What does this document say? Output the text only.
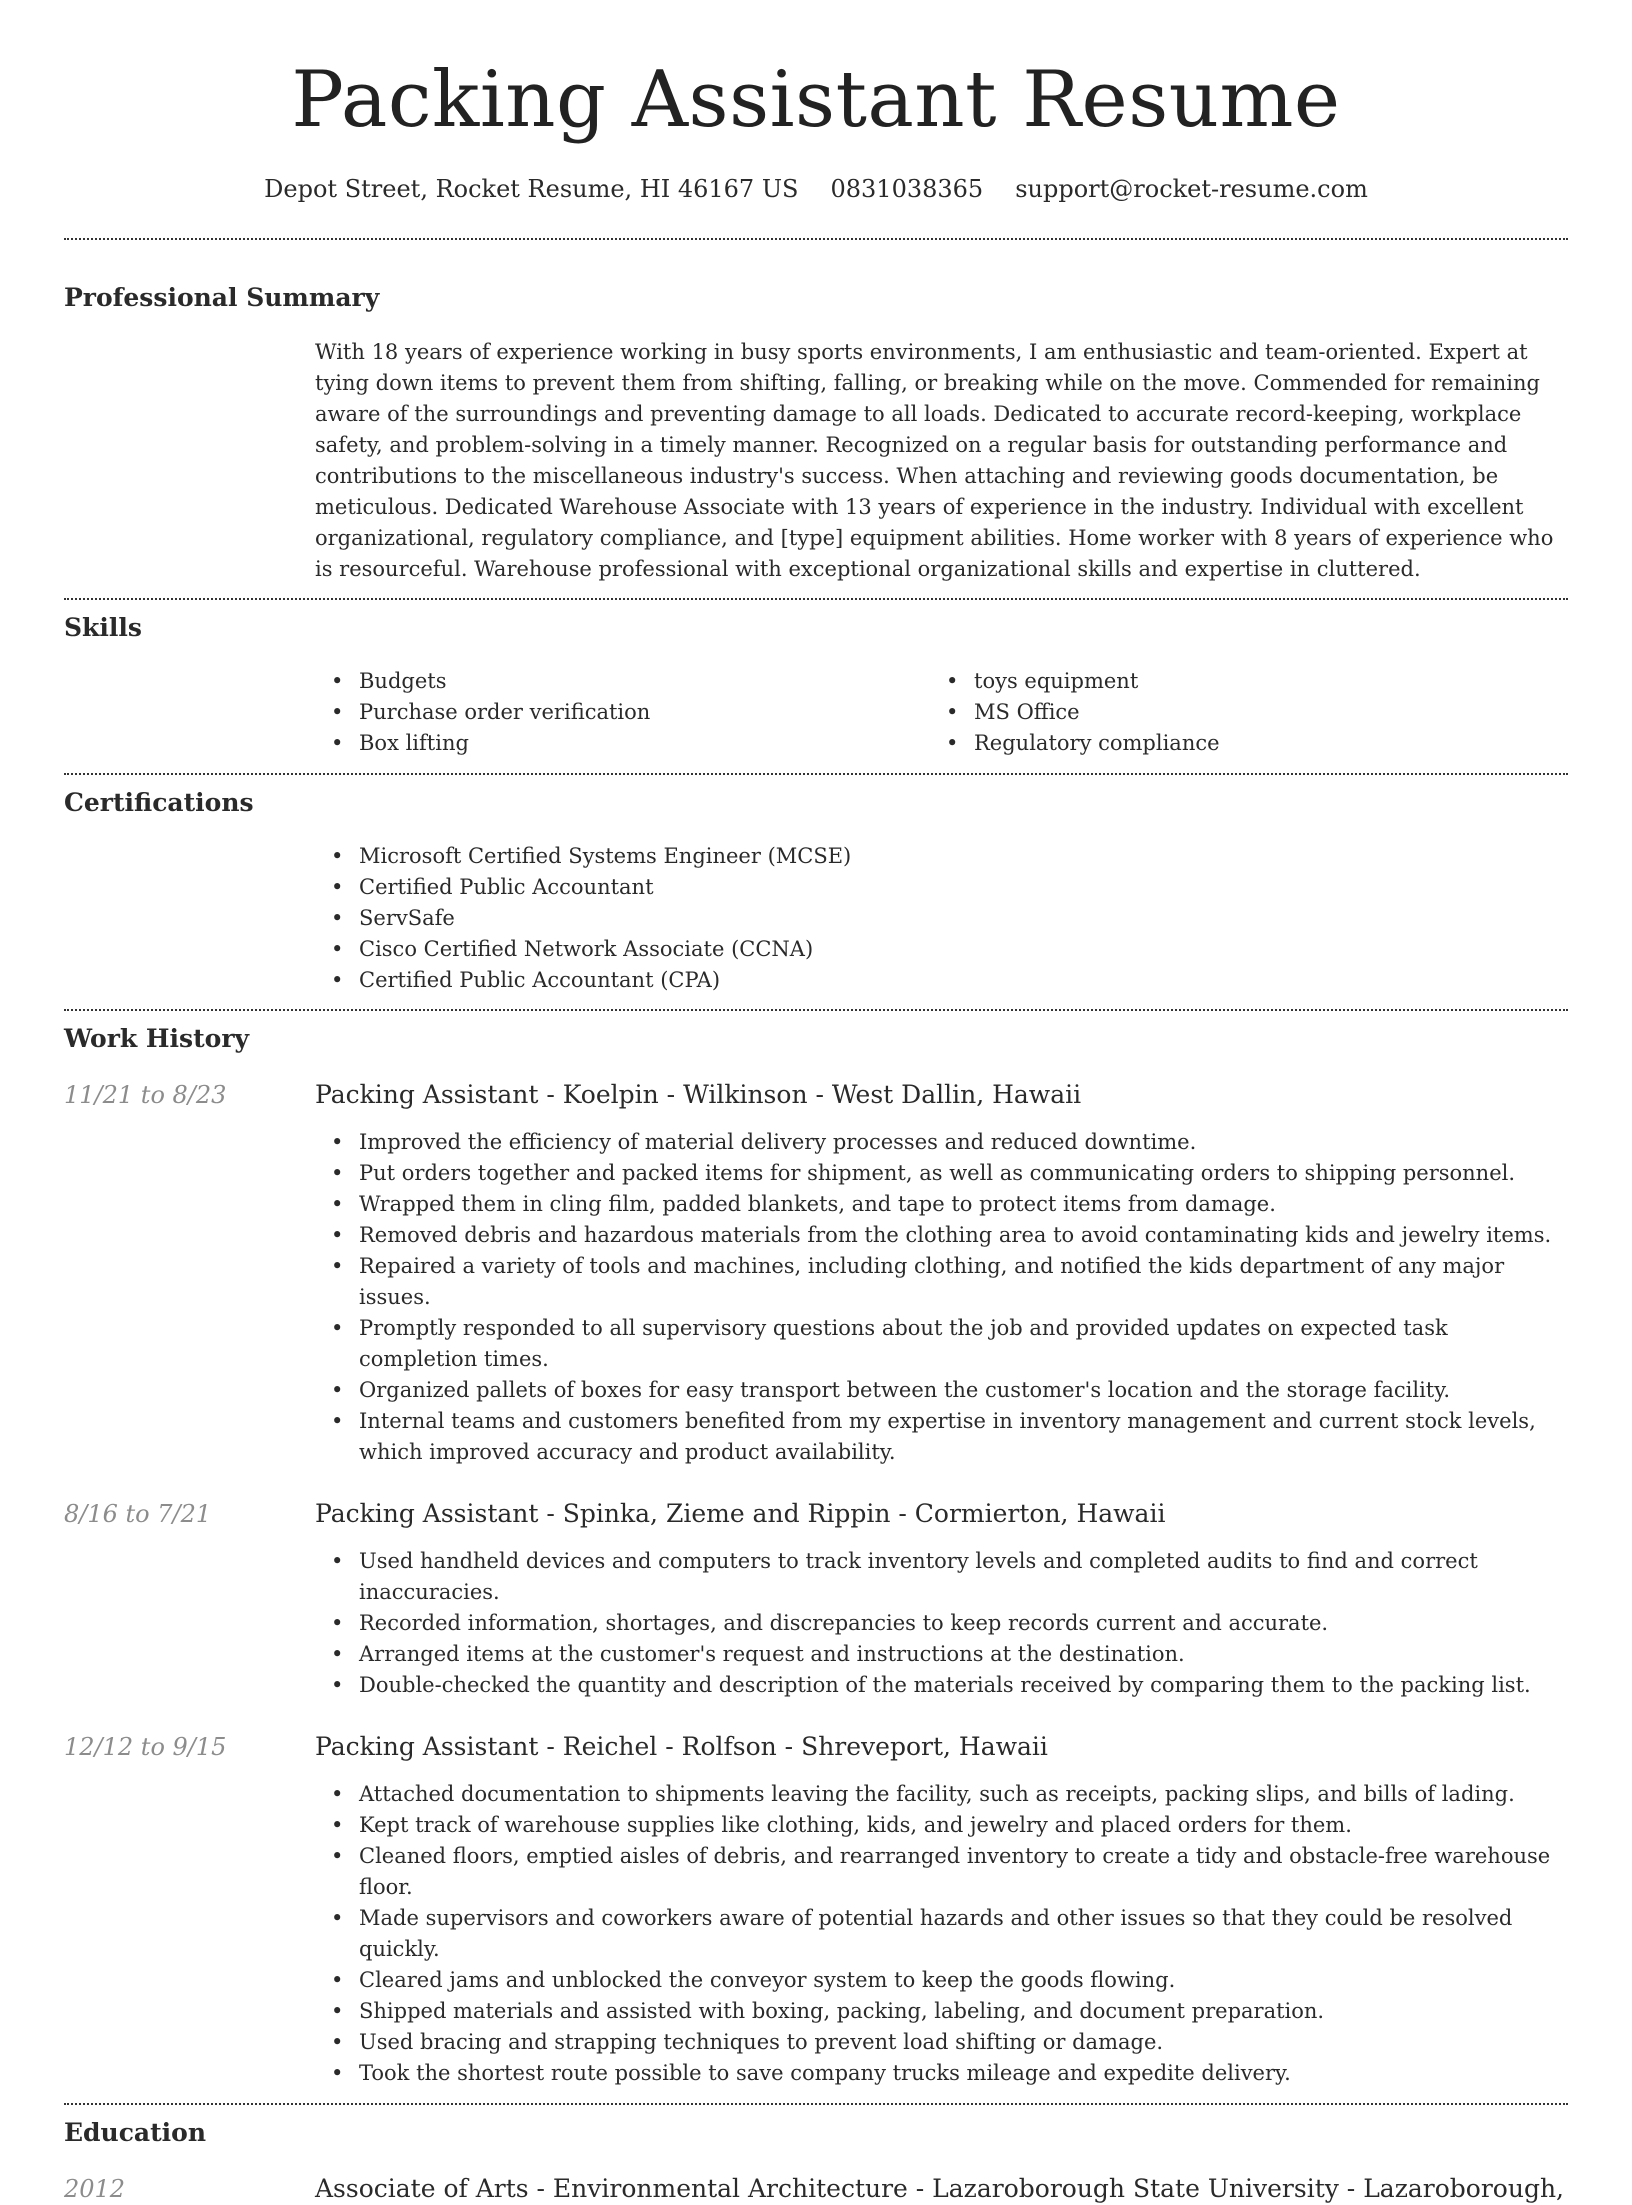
Packing Assistant Resume
Depot Street, Rocket Resume, HI 46167 US 0831038365 support@rocket-resume.com
Professional Summary

With 18 years of experience working in busy sports environments, I am enthusiastic and team-oriented. Expert at tying down items to prevent them from shifting, falling, or breaking while on the move. Commended for remaining aware of the surroundings and preventing damage to all loads. Dedicated to accurate record-keeping, workplace safety, and problem-solving in a timely manner. Recognized on a regular basis for outstanding performance and contributions to the miscellaneous industry's success. When attaching and reviewing goods documentation, be meticulous. Dedicated Warehouse Associate with 13 years of experience in the industry. Individual with excellent organizational, regulatory compliance, and [type] equipment abilities. Home worker with 8 years of experience who is resourceful. Warehouse professional with exceptional organizational skills and expertise in cluttered.

Skills
• Budgets
• Purchase order verification
• Box lifting
• toys equipment
• MS Office
• Regulatory compliance
Certifications
• Microsoft Certified Systems Engineer (MCSE)
• Certified Public Accountant
• ServSafe
• Cisco Certified Network Associate (CCNA)
• Certified Public Accountant (CPA)
Work History
11/21 to 8/23	Packing Assistant - Koelpin - Wilkinson - West Dallin, Hawaii
• Improved the efficiency of material delivery processes and reduced downtime.
• Put orders together and packed items for shipment, as well as communicating orders to shipping personnel.
• Wrapped them in cling film, padded blankets, and tape to protect items from damage.
• Removed debris and hazardous materials from the clothing area to avoid contaminating kids and jewelry items.
• Repaired a variety of tools and machines, including clothing, and notified the kids department of any major issues.
• Promptly responded to all supervisory questions about the job and provided updates on expected task completion times.
• Organized pallets of boxes for easy transport between the customer's location and the storage facility.
• Internal teams and customers benefited from my expertise in inventory management and current stock levels, which improved accuracy and product availability.
8/16 to 7/21	Packing Assistant - Spinka, Zieme and Rippin - Cormierton, Hawaii
• Used handheld devices and computers to track inventory levels and completed audits to find and correct inaccuracies.
• Recorded information, shortages, and discrepancies to keep records current and accurate.
• Arranged items at the customer's request and instructions at the destination.
• Double-checked the quantity and description of the materials received by comparing them to the packing list.
12/12 to 9/15	Packing Assistant - Reichel - Rolfson - Shreveport, Hawaii
• Attached documentation to shipments leaving the facility, such as receipts, packing slips, and bills of lading.
• Kept track of warehouse supplies like clothing, kids, and jewelry and placed orders for them.
• Cleaned floors, emptied aisles of debris, and rearranged inventory to create a tidy and obstacle-free warehouse floor.
• Made supervisors and coworkers aware of potential hazards and other issues so that they could be resolved quickly.
• Cleared jams and unblocked the conveyor system to keep the goods flowing.
• Shipped materials and assisted with boxing, packing, labeling, and document preparation.
• Used bracing and strapping techniques to prevent load shifting or damage.
• Took the shortest route possible to save company trucks mileage and expedite delivery.
Education
2012	Associate of Arts - Environmental Architecture - Lazaroborough State University - Lazaroborough,
